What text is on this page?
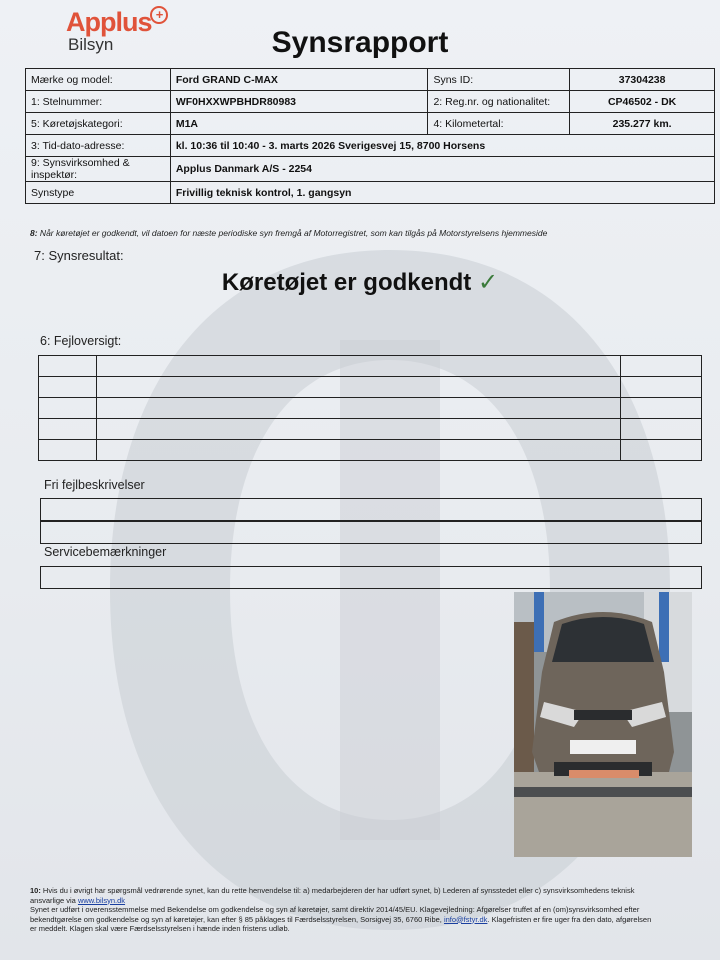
Applus +
Bilsyn	Synsrapport
Mærke og model:	Ford GRAND C-MAX	Syns ID:	37304238
1: Stelnummer:	WF0HXXWPBHDR80983	2: Reg.nr. og nationalitet:	CP46502 - DK
5: Køretøjskategori:	M1A	4: Kilometertal:	235.277 km.
3: Tid-dato-adresse:	kl. 10:36 til 10:40 - 3. marts 2026 Sverigesvej 15, 8700 Horsens		
9: Synsvirksomhed & inspektør:	Applus Danmark A/S - 2254		
Synstype	Frivillig teknisk kontrol, 1. gangsyn		
8: Når køretøjet er godkendt, vil datoen for næste periodiske syn fremgå af Motorregistret, som kan tilgås på Motorstyrelsens hjemmeside
7: Synsresultat:
Køretøjet er godkendt ✓
6: Fejloversigt:

Fri fejlbeskrivelser
Servicebemærkninger
10: Hvis du i øvrigt har spørgsmål vedrørende synet, kan du rette henvendelse til: a) medarbejderen der har udført synet, b) Lederen af synsstedet eller c) synsvirksomhedens teknisk
ansvarlige via www.bilsyn.dk
Synet er udført i overensstemmelse med Bekendelse om godkendelse og syn af køretøjer, samt direktiv 2014/45/EU. Klagevejledning: Afgørelser truffet af en (om)synsvirksomhed efter
bekendtgørelse om godkendelse og syn af køretøjer, kan efter § 85 påklages til Færdselsstyrelsen, Sorsigvej 35, 6760 Ribe, info@fstyr.dk. Klagefristen er fire uger fra den dato, afgørelsen
er meddelt. Klagen skal være Færdselsstyrelsen i hænde inden fristens udløb.
